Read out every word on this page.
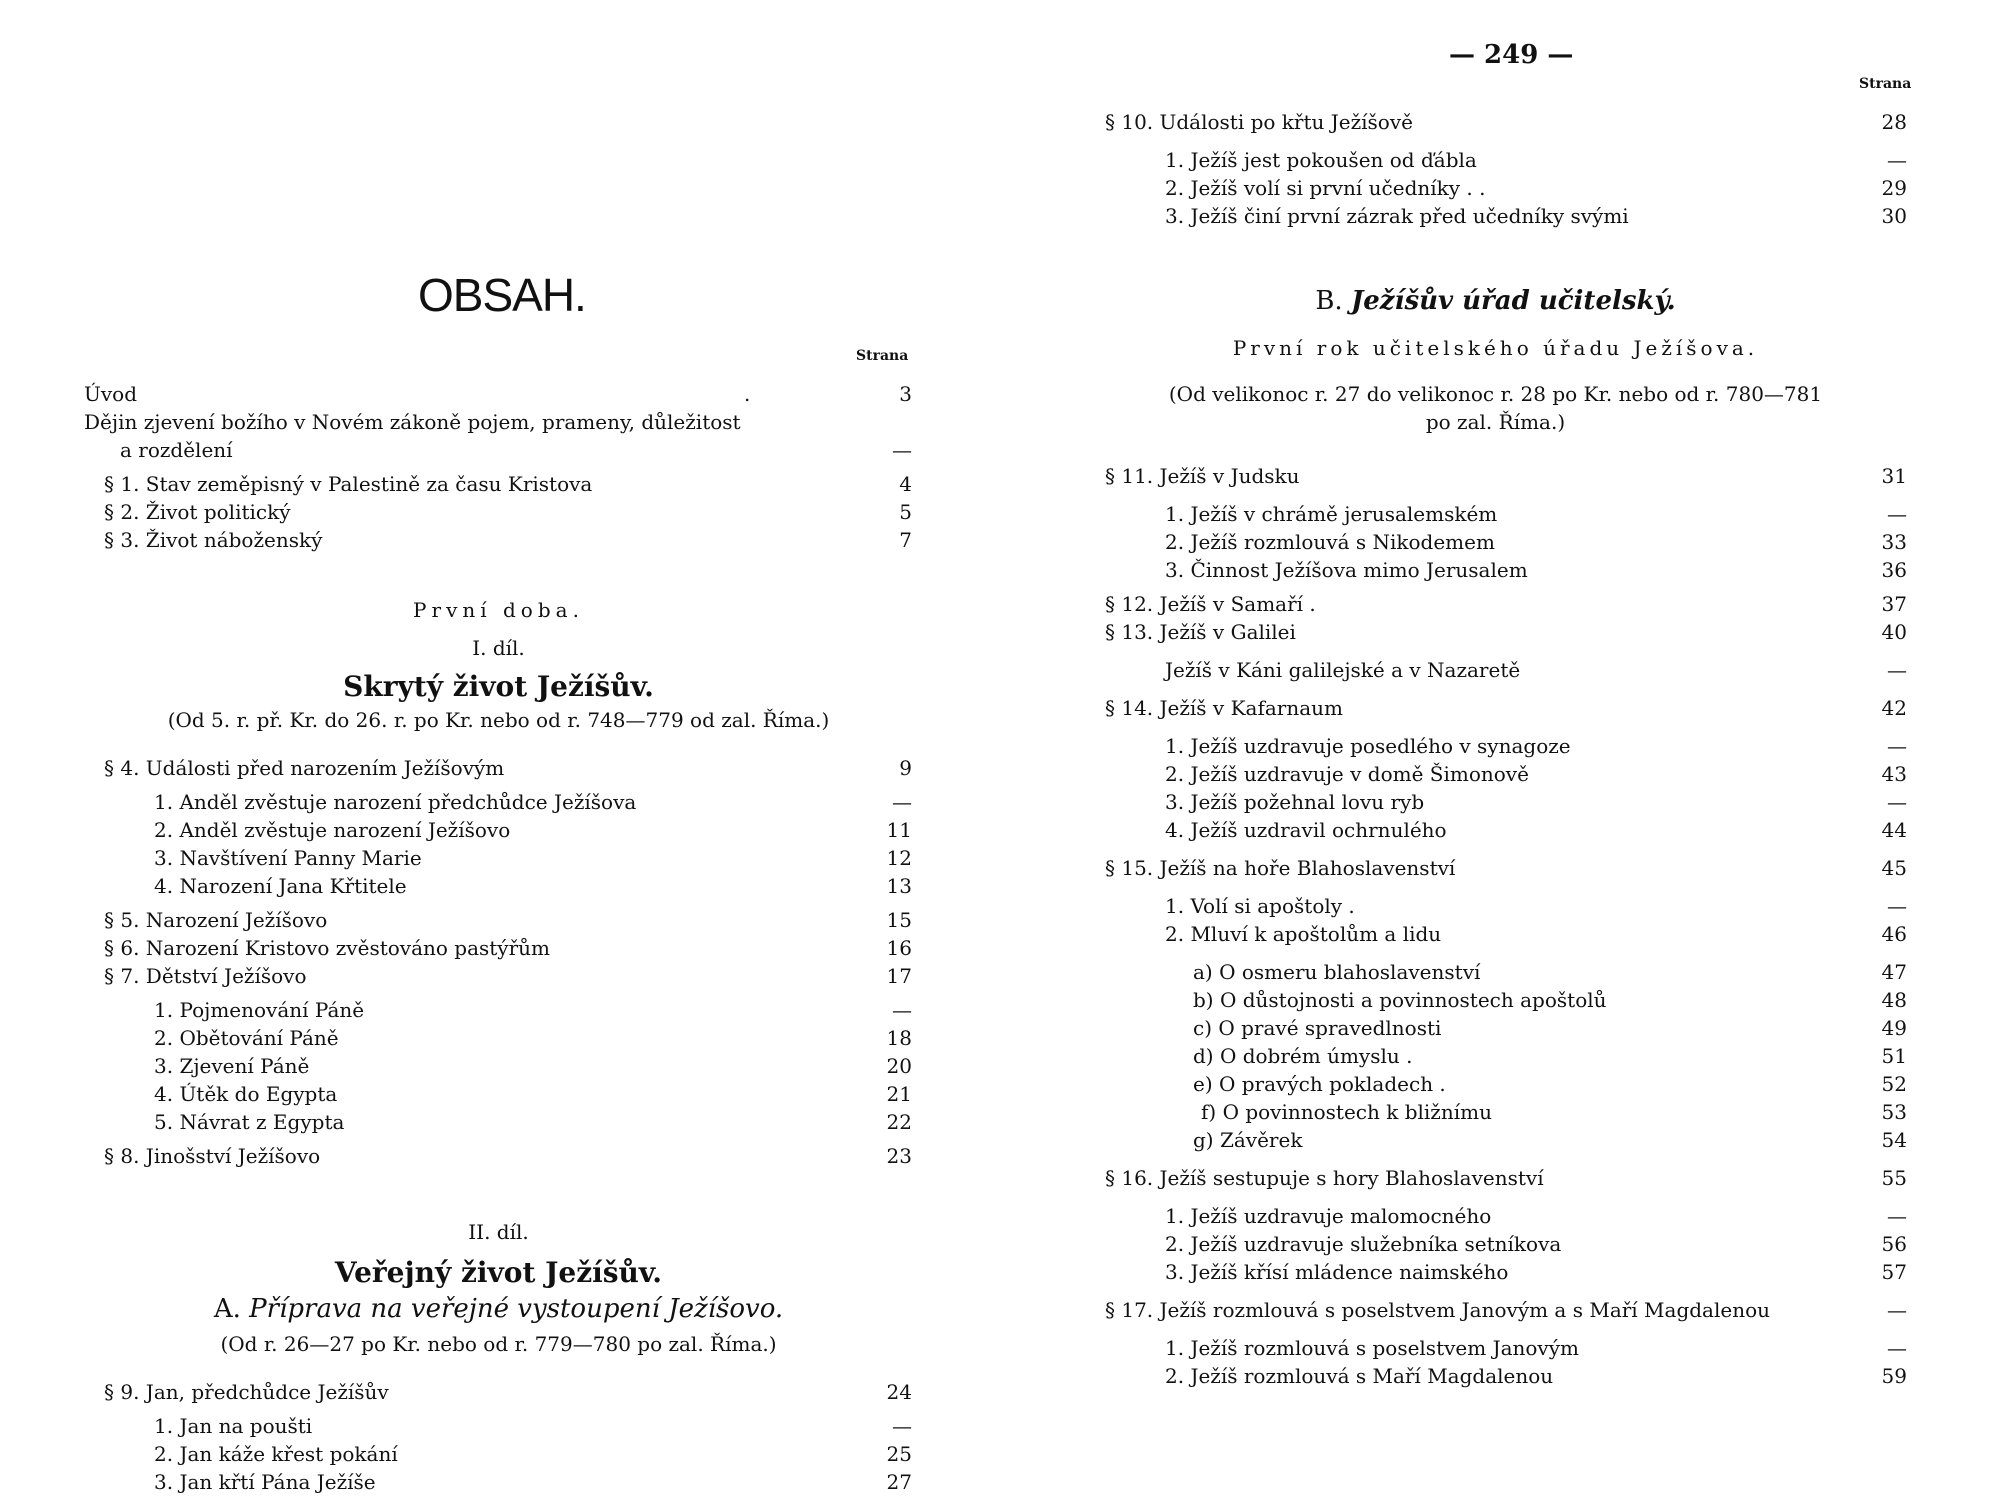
OBSAH.
Strana
Úvod	3
.
Dějin zjevení božího v Novém zákoně pojem, prameny, důležitost
a rozdělení	—
§ 1. Stav zeměpisný v Palestině za času Kristova	4
§ 2. Život politický	5
§ 3. Život náboženský	7
První doba.
I. díl.
Skrytý život Ježíšův.
(Od 5. r. př. Kr. do 26. r. po Kr. nebo od r. 748—779 od zal. Říma.)
§ 4. Události před narozením Ježíšovým	9
1. Anděl zvěstuje narození předchůdce Ježíšova	—
2. Anděl zvěstuje narození Ježíšovo	11
3. Navštívení Panny Marie	12
4. Narození Jana Křtitele	13
§ 5. Narození Ježíšovo	15
§ 6. Narození Kristovo zvěstováno pastýřům	16
§ 7. Dětství Ježíšovo	17
1. Pojmenování Páně	—
2. Obětování Páně	18
3. Zjevení Páně	20
4. Útěk do Egypta	21
5. Návrat z Egypta	22
§ 8. Jinošství Ježíšovo	23
II. díl.
Veřejný život Ježíšův.
A. Příprava na veřejné vystoupení Ježíšovo.
(Od r. 26—27 po Kr. nebo od r. 779—780 po zal. Říma.)
§ 9. Jan, předchůdce Ježíšův	24
1. Jan na poušti	—
2. Jan káže křest pokání	25
3. Jan křtí Pána Ježíše	27
— 249 —
Strana
§ 10. Události po křtu Ježíšově	28
1. Ježíš jest pokoušen od ďábla	—
2. Ježíš volí si první učedníky . .	29
3. Ježíš činí první zázrak před učedníky svými	30
B. Ježíšův úřad učitelský.
První rok učitelského úřadu Ježíšova.
(Od velikonoc r. 27 do velikonoc r. 28 po Kr. nebo od r. 780—781
po zal. Říma.)
§ 11. Ježíš v Judsku	31
1. Ježíš v chrámě jerusalemském	—
2. Ježíš rozmlouvá s Nikodemem	33
3. Činnost Ježíšova mimo Jerusalem	36
§ 12. Ježíš v Samaří .	37
§ 13. Ježíš v Galilei	40
Ježíš v Káni galilejské a v Nazaretě	—
§ 14. Ježíš v Kafarnaum	42
1. Ježíš uzdravuje posedlého v synagoze	—
2. Ježíš uzdravuje v domě Šimonově	43
3. Ježíš požehnal lovu ryb	—
4. Ježíš uzdravil ochrnulého	44
§ 15. Ježíš na hoře Blahoslavenství	45
1. Volí si apoštoly .	—
2. Mluví k apoštolům a lidu	46
a) O osmeru blahoslavenství	47
b) O důstojnosti a povinnostech apoštolů	48
c) O pravé spravedlnosti	49
d) O dobrém úmyslu .	51
e) O pravých pokladech .	52
f) O povinnostech k bližnímu	53
g) Závěrek	54
§ 16. Ježíš sestupuje s hory Blahoslavenství	55
1. Ježíš uzdravuje malomocného	—
2. Ježíš uzdravuje služebníka setníkova	56
3. Ježíš křísí mládence naimského	57
§ 17. Ježíš rozmlouvá s poselstvem Janovým a s Maří Magdalenou	—
1. Ježíš rozmlouvá s poselstvem Janovým	—
2. Ježíš rozmlouvá s Maří Magdalenou	59
